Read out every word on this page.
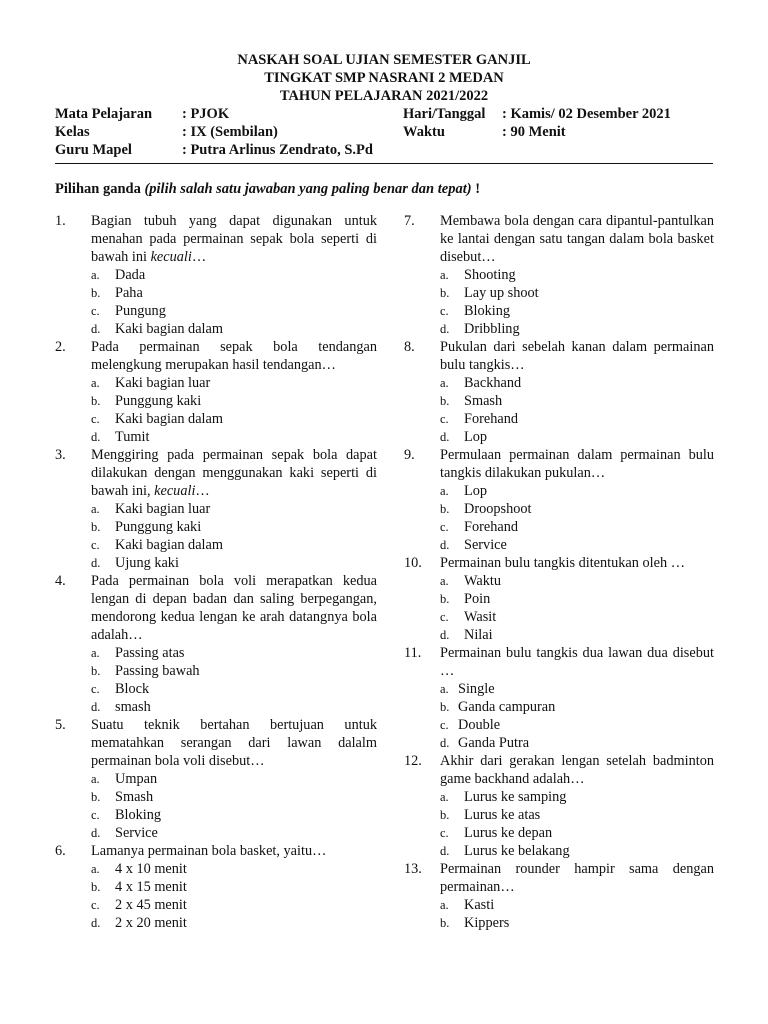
NASKAH SOAL UJIAN SEMESTER GANJIL
TINGKAT SMP NASRANI 2 MEDAN
TAHUN PELAJARAN 2021/2022
Mata Pelajaran : PJOK	Hari/Tanggal : Kamis/ 02 Desember 2021
Kelas	: IX (Sembilan)	Waktu	: 90 Menit
Guru Mapel	: Putra Arlinus Zendrato, S.Pd
Pilihan ganda (pilih salah satu jawaban yang paling benar dan tepat) !
1. Bagian tubuh yang dapat digunakan untuk menahan pada permainan sepak bola seperti di bawah ini kecuali…
a. Dada
b. Paha
c. Pungung
d. Kaki bagian dalam
2. Pada permainan sepak bola tendangan melengkung merupakan hasil tendangan…
a. Kaki bagian luar
b. Punggung kaki
c. Kaki bagian dalam
d. Tumit
3. Menggiring pada permainan sepak bola dapat dilakukan dengan menggunakan kaki seperti di bawah ini, kecuali…
a. Kaki bagian luar
b. Punggung kaki
c. Kaki bagian dalam
d. Ujung kaki
4. Pada permainan bola voli merapatkan kedua lengan di depan badan dan saling berpegangan, mendorong kedua lengan ke arah datangnya bola adalah…
a. Passing atas
b. Passing bawah
c. Block
d. smash
5. Suatu teknik bertahan bertujuan untuk mematahkan serangan dari lawan dalalm permainan bola voli disebut…
a. Umpan
b. Smash
c. Bloking
d. Service
6. Lamanya permainan bola basket, yaitu…
a. 4 x 10 menit
b. 4 x 15 menit
c. 2 x 45 menit
d. 2 x 20 menit
7. Membawa bola dengan cara dipantul-pantulkan ke lantai dengan satu tangan dalam bola basket disebut…
a. Shooting
b. Lay up shoot
c. Bloking
d. Dribbling
8. Pukulan dari sebelah kanan dalam permainan bulu tangkis…
a. Backhand
b. Smash
c. Forehand
d. Lop
9. Permulaan permainan dalam permainan bulu tangkis dilakukan pukulan…
a. Lop
b. Droopshoot
c. Forehand
d. Service
10. Permainan bulu tangkis ditentukan oleh …
a. Waktu
b. Poin
c. Wasit
d. Nilai
11. Permainan bulu tangkis dua lawan dua disebut …
a. Single
b. Ganda campuran
c. Double
d. Ganda Putra
12. Akhir dari gerakan lengan setelah badminton game backhand adalah…
a. Lurus ke samping
b. Lurus ke atas
c. Lurus ke depan
d. Lurus ke belakang
13. Permainan rounder hampir sama dengan permainan…
a. Kasti
b. Kippers
